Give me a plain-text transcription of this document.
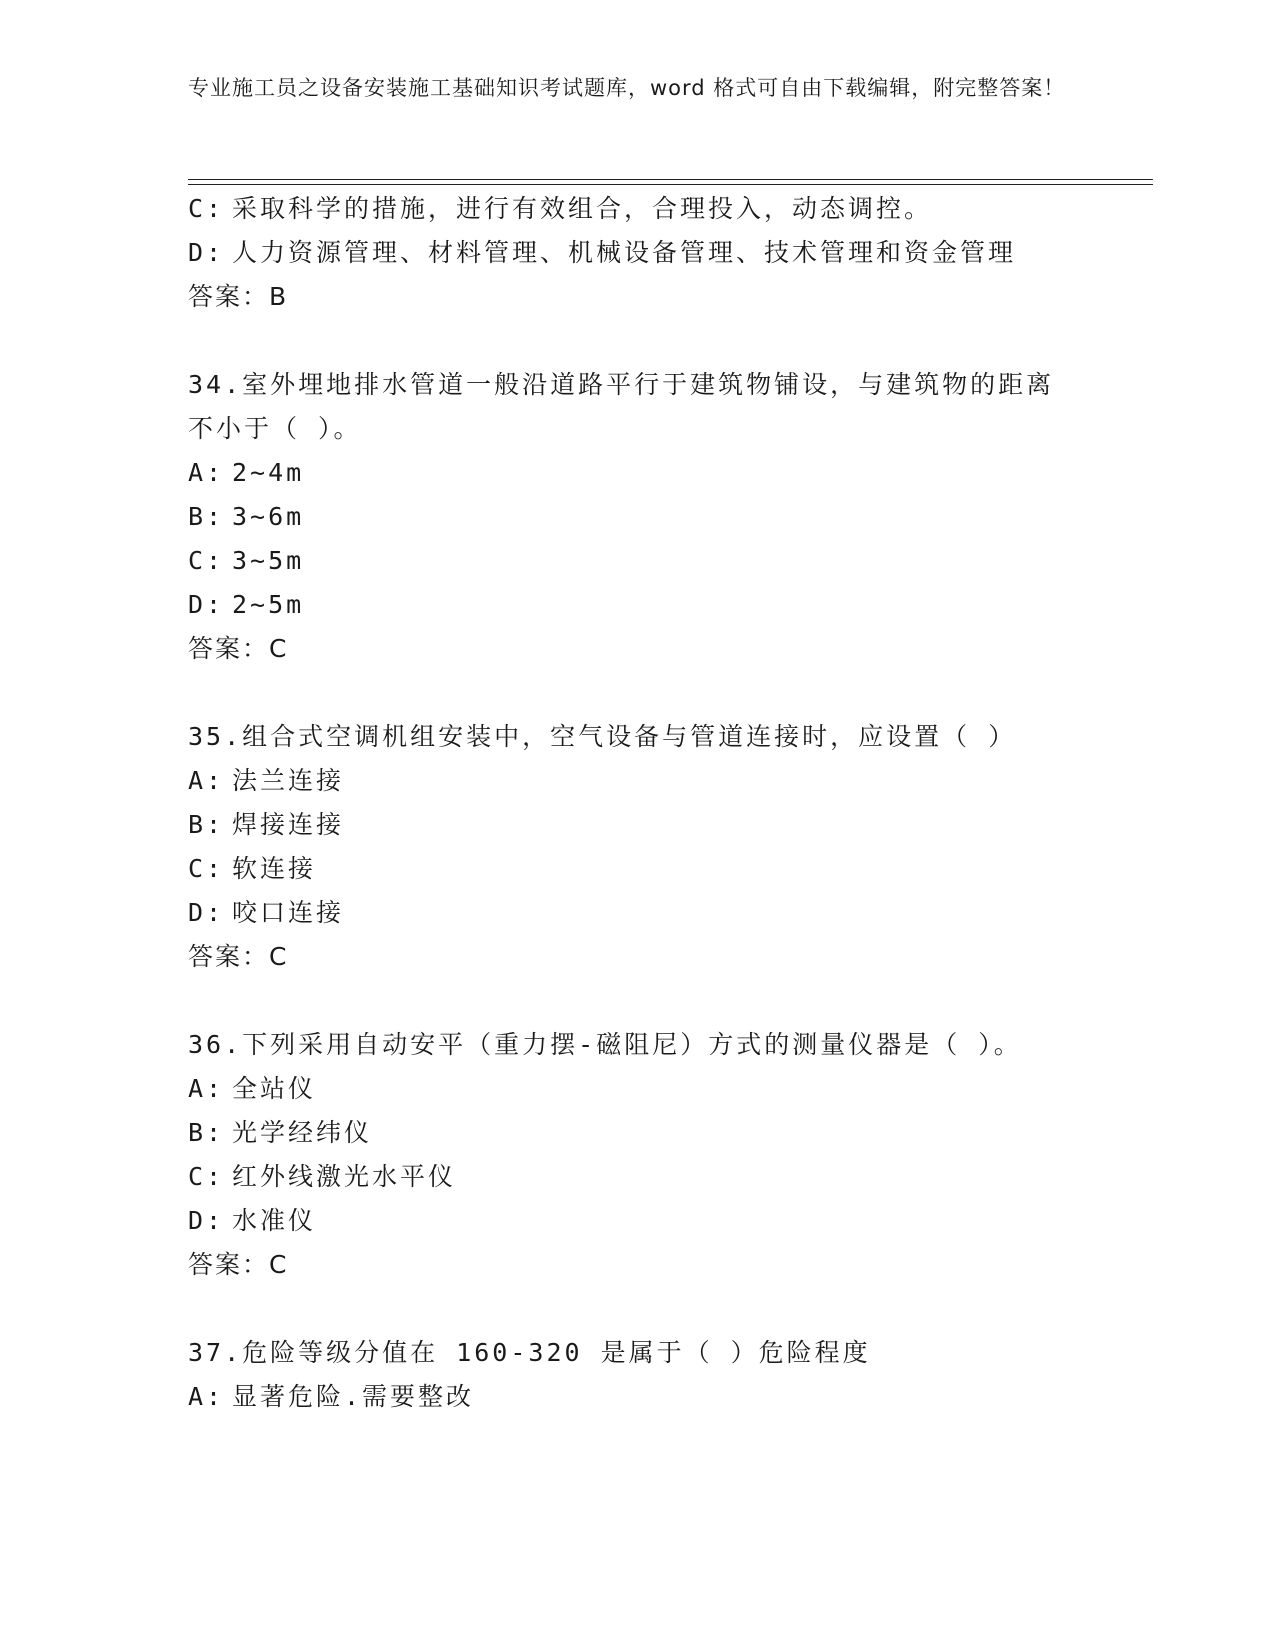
专业施工员之设备安装施工基础知识考试题库，word 格式可自由下载编辑，附完整答案！
C: 采取科学的措施，进行有效组合，合理投入，动态调控。
D: 人力资源管理、材料管理、机械设备管理、技术管理和资金管理
答案：B
34.室外埋地排水管道一般沿道路平行于建筑物铺设，与建筑物的距离
不小于（ ）。
A: 2~4m
B: 3~6m
C: 3~5m
D: 2~5m
答案：C
35.组合式空调机组安装中，空气设备与管道连接时，应设置（ ）
A: 法兰连接
B: 焊接连接
C: 软连接
D: 咬口连接
答案：C
36.下列采用自动安平（重力摆-磁阻尼）方式的测量仪器是（ ）。
A: 全站仪
B: 光学经纬仪
C: 红外线激光水平仪
D: 水准仪
答案：C
37.危险等级分值在 160-320 是属于（ ）危险程度
A: 显著危险.需要整改
